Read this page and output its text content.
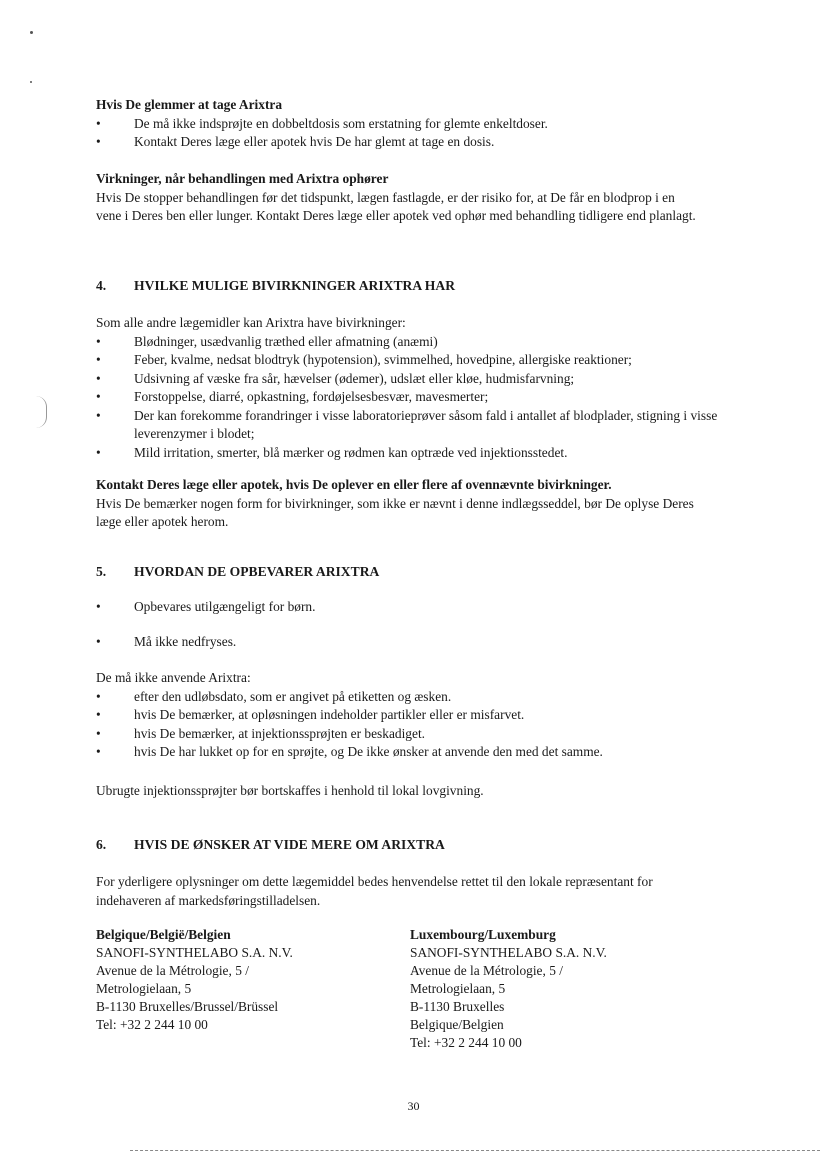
Hvis De glemmer at tage Arixtra
• De må ikke indsprøjte en dobbeltdosis som erstatning for glemte enkeltdoser.
• Kontakt Deres læge eller apotek hvis De har glemt at tage en dosis.
Virkninger, når behandlingen med Arixtra ophører

Hvis De stopper behandlingen før det tidspunkt, lægen fastlagde, er der risiko for, at De får en blodprop i en vene i Deres ben eller lunger. Kontakt Deres læge eller apotek ved ophør med behandling tidligere end planlagt.

4. HVILKE MULIGE BIVIRKNINGER ARIXTRA HAR

Som alle andre lægemidler kan Arixtra have bivirkninger:

• Blødninger, usædvanlig træthed eller afmatning (anæmi)
• Feber, kvalme, nedsat blodtryk (hypotension), svimmelhed, hovedpine, allergiske reaktioner;
• Udsivning af væske fra sår, hævelser (ødemer), udslæt eller kløe, hudmisfarvning;
• Forstoppelse, diarré, opkastning, fordøjelsesbesvær, mavesmerter;
• Der kan forekomme forandringer i visse laboratorieprøver såsom fald i antallet af blodplader, stigning i visse leverenzymer i blodet;
• Mild irritation, smerter, blå mærker og rødmen kan optræde ved injektionsstedet.
Kontakt Deres læge eller apotek, hvis De oplever en eller flere af ovennævnte bivirkninger.

Hvis De bemærker nogen form for bivirkninger, som ikke er nævnt i denne indlægsseddel, bør De oplyse Deres læge eller apotek herom.

5. HVORDAN DE OPBEVARER ARIXTRA
• Opbevares utilgængeligt for børn.
• Må ikke nedfryses.

De må ikke anvende Arixtra:

• efter den udløbsdato, som er angivet på etiketten og æsken.
• hvis De bemærker, at opløsningen indeholder partikler eller er misfarvet.
• hvis De bemærker, at injektionssprøjten er beskadiget.
• hvis De har lukket op for en sprøjte, og De ikke ønsker at anvende den med det samme.

Ubrugte injektionssprøjter bør bortskaffes i henhold til lokal lovgivning.

6. HVIS DE ØNSKER AT VIDE MERE OM ARIXTRA

For yderligere oplysninger om dette lægemiddel bedes henvendelse rettet til den lokale repræsentant for indehaveren af markedsføringstilladelsen.

Belgique/België/Belgien
SANOFI-SYNTHELABO S.A. N.V.
Avenue de la Métrologie, 5 /
Metrologielaan, 5
B-1130 Bruxelles/Brussel/Brüssel
Tel: +32 2 244 10 00
Luxembourg/Luxemburg
SANOFI-SYNTHELABO S.A. N.V.
Avenue de la Métrologie, 5 /
Metrologielaan, 5
B-1130 Bruxelles
Belgique/Belgien
Tel: +32 2 244 10 00
30
